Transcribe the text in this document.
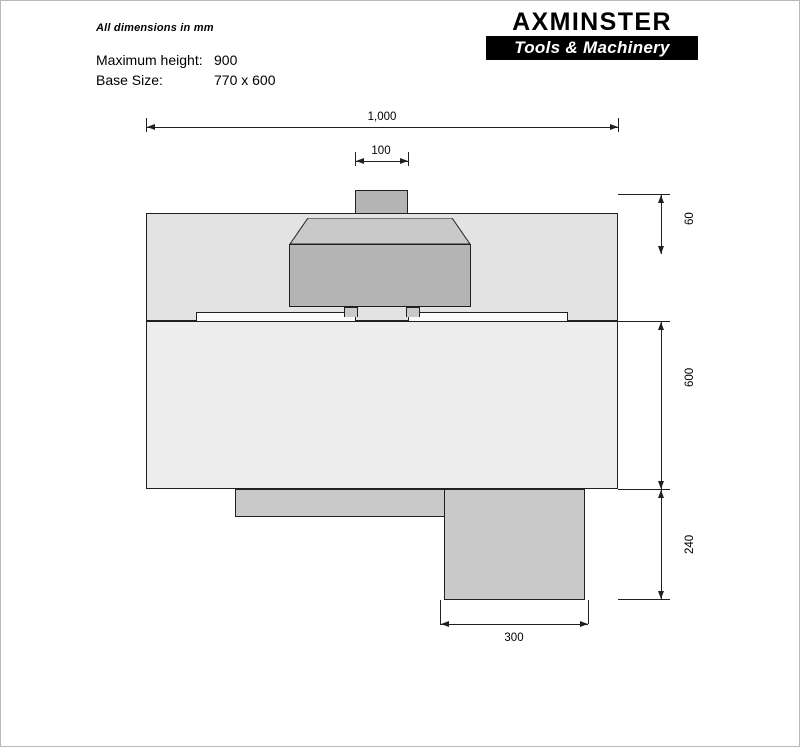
All dimensions in mm
Maximum height: 900
Base Size:	770 x 600
AXMINSTER
Tools & Machinery
1,000
100
60
600
240
300
